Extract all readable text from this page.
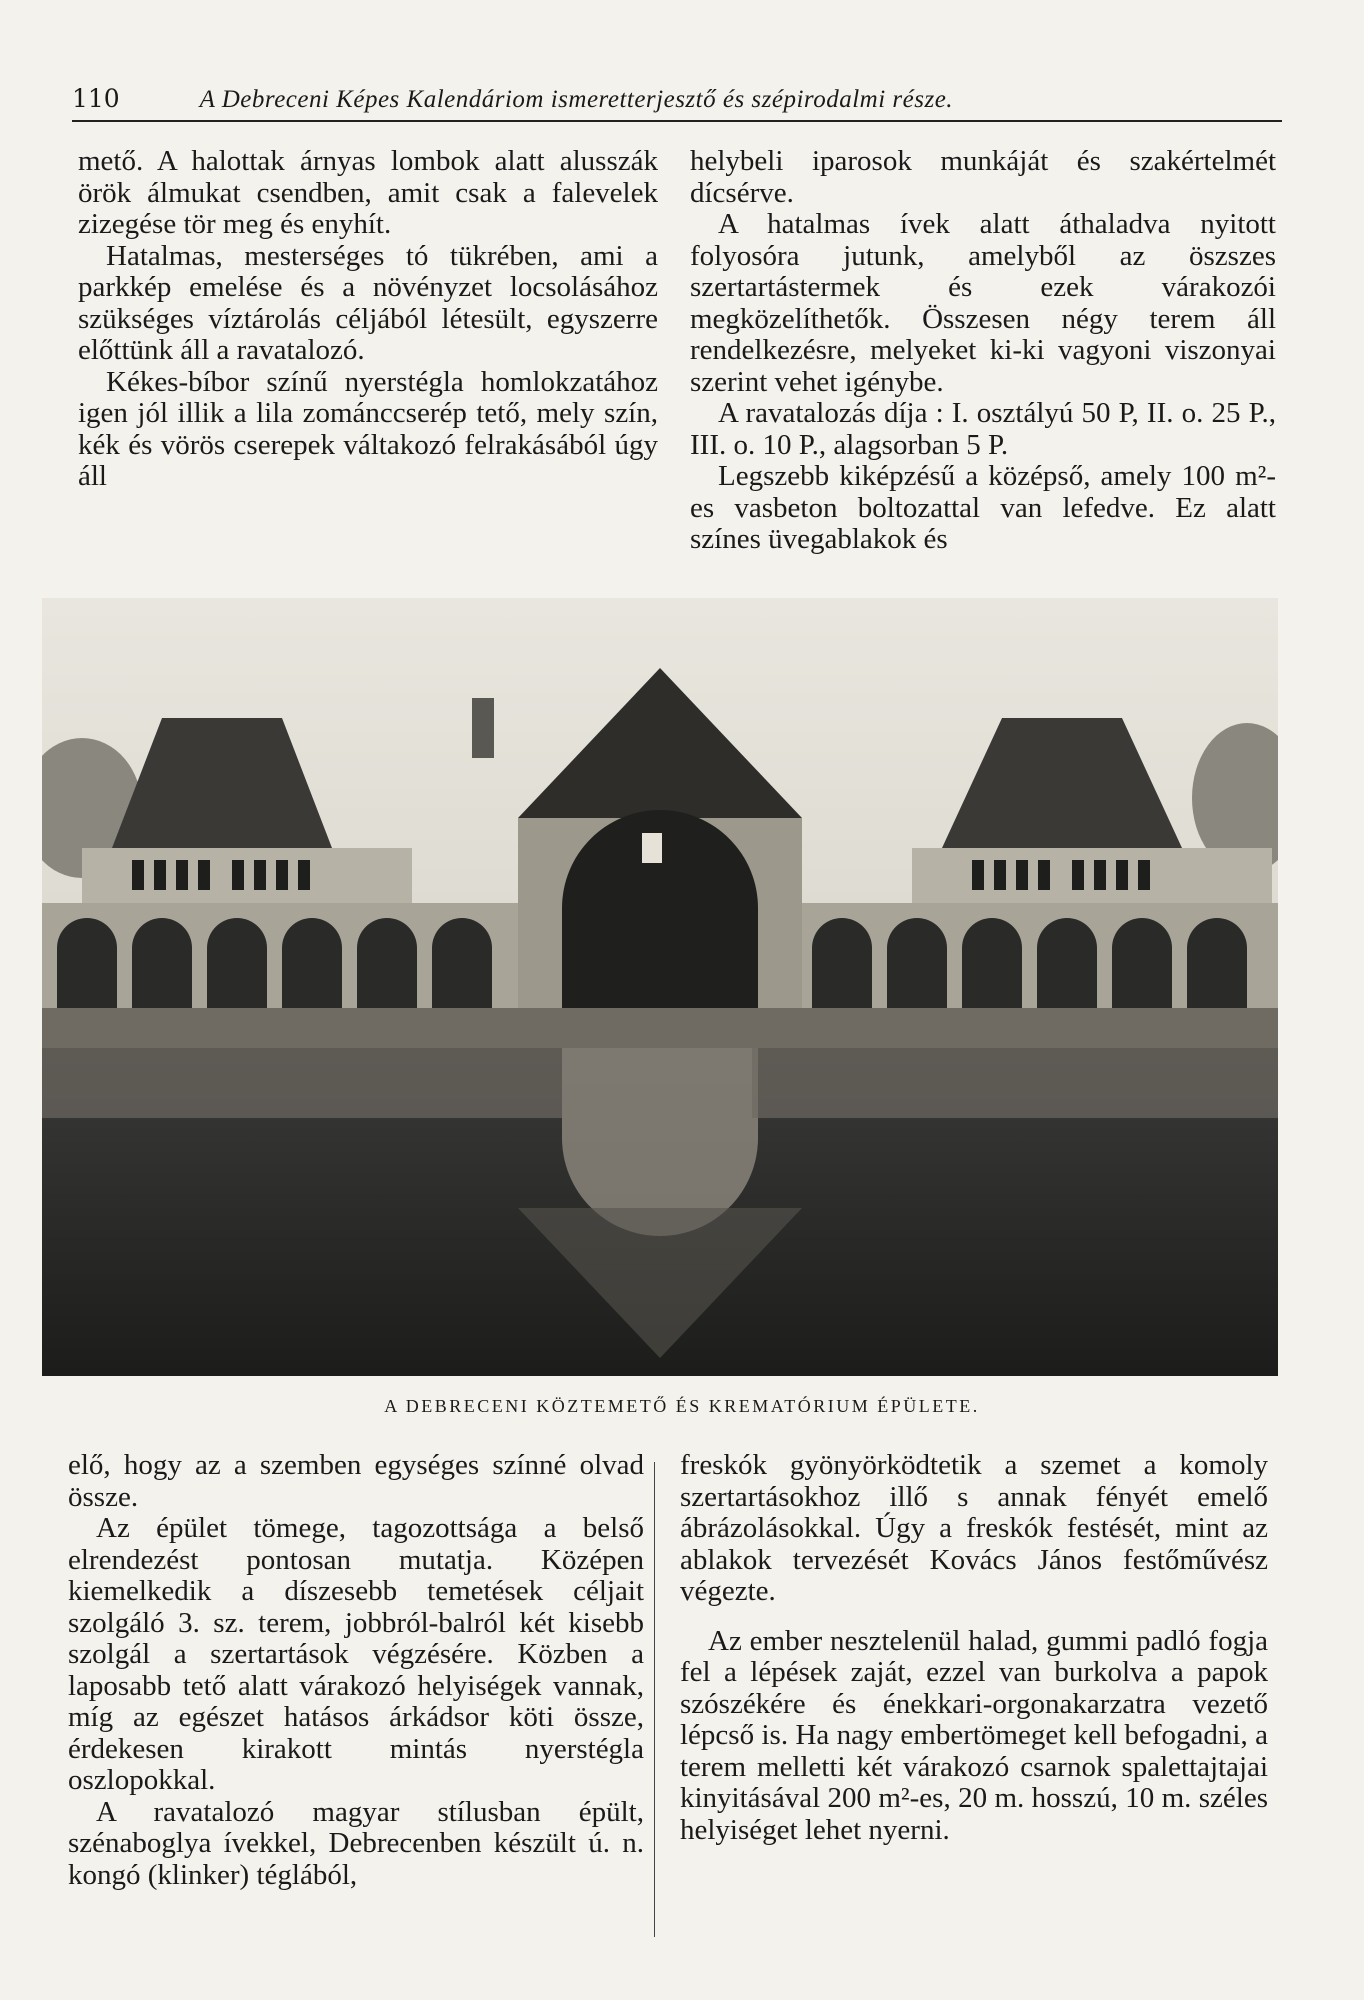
110	A Debreceni Képes Kalendáriom ismeretterjesztő és szépirodalmi része.

mető. A halottak árnyas lombok alatt alusszák örök álmukat csendben, amit csak a falevelek zizegése tör meg és enyhít.

Hatalmas, mesterséges tó tükrében, ami a parkkép emelése és a növényzet locsolásához szükséges víztárolás céljából létesült, egyszerre előttünk áll a ravatalozó.

Kékes-bíbor színű nyerstégla homlokzatához igen jól illik a lila zománccserép tető, mely szín, kék és vörös cserepek váltakozó felrakásából úgy áll

helybeli iparosok munkáját és szakértelmét dícsérve.

A hatalmas ívek alatt áthaladva nyitott folyosóra jutunk, amelyből az öszszes szertartástermek és ezek várakozói megközelíthetők. Összesen négy terem áll rendelkezésre, melyeket ki-ki vagyoni viszonyai szerint vehet igénybe.

A ravatalozás díja : I. osztályú 50 P, II. o. 25 P., III. o. 10 P., alagsorban 5 P.

Legszebb kiképzésű a középső, amely 100 m²-es vasbeton boltozattal van lefedve. Ez alatt színes üvegablakok és

A DEBRECENI KÖZTEMETŐ ÉS KREMATÓRIUM ÉPÜLETE.

elő, hogy az a szemben egységes színné olvad össze.

Az épület tömege, tagozottsága a belső elrendezést pontosan mutatja. Középen kiemelkedik a díszesebb temetések céljait szolgáló 3. sz. terem, jobbról-balról két kisebb szolgál a szertartások végzésére. Közben a laposabb tető alatt várakozó helyiségek vannak, míg az egészet hatásos árkádsor köti össze, érdekesen kirakott mintás nyerstégla oszlopokkal.

A ravatalozó magyar stílusban épült, szénaboglya ívekkel, Debrecenben készült ú. n. kongó (klinker) téglából,

freskók gyönyörködtetik a szemet a komoly szertartásokhoz illő s annak fényét emelő ábrázolásokkal. Úgy a freskók festését, mint az ablakok tervezését Kovács János festőművész végezte.

Az ember nesztelenül halad, gummi padló fogja fel a lépések zaját, ezzel van burkolva a papok szószékére és énekkari-orgonakarzatra vezető lépcső is. Ha nagy embertömeget kell befogadni, a terem melletti két várakozó csarnok spalettajtajai kinyitásával 200 m²-es, 20 m. hosszú, 10 m. széles helyiséget lehet nyerni.
